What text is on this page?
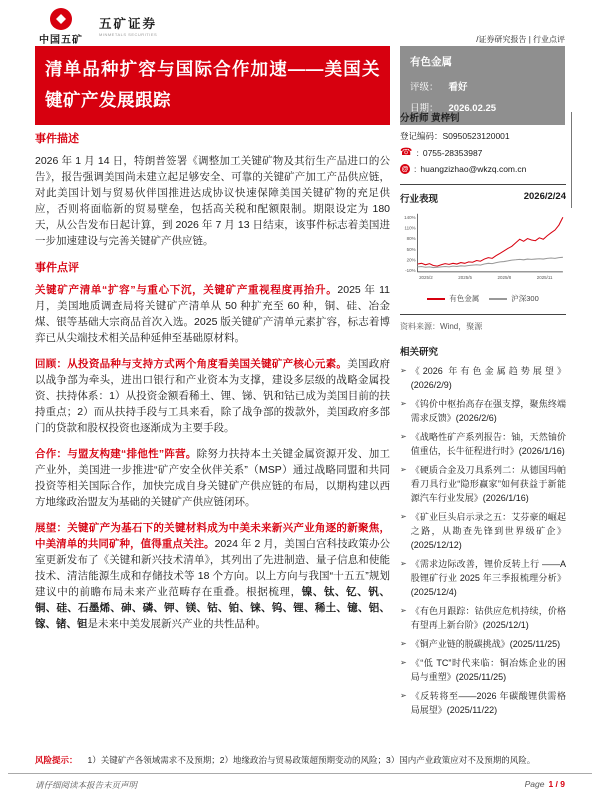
中国五矿
五矿证券
MINMETALS SECURITIES
/证券研究报告 | 行业点评
清单品种扩容与国际合作加速——美国关键矿产发展跟踪
有色金属
评级： 看好
日期： 2026.02.25
事件描述

2026 年 1 月 14 日，特朗普签署《调整加工关键矿物及其衍生产品进口的公告》，报告强调美国尚未建立起足够安全、可靠的关键矿产加工产品供应链，对此美国计划与贸易伙伴国推进达成协议快速保障美国关键矿物的充足供应，否则将面临新的贸易壁垒，包括高关税和配额限制。期限设定为 180 天，从公告发布日起计算，到 2026 年 7 月 13 日结束，该事件标志着美国进一步加速建设与完善关键矿产供应链。

事件点评

关键矿产清单“扩容”与重心下沉，关键矿产重视程度再抬升。2025 年 11 月，美国地质调查局将关键矿产清单从 50 种扩充至 60 种，铜、硅、冶金煤、银等基础大宗商品首次入选。2025 版关键矿产清单元素扩容，标志着博弈已从尖端技术相关品种延伸至基础原材料。

回顾：从投资品种与支持方式两个角度看美国关键矿产核心元素。美国政府以战争部为牵头，进出口银行和产业资本为支撑，建设多层级的战略金属投资、扶持体系：1）从投资金额看稀土、锂、锑、钒和钴已成为美国目前的扶持重点；2）而从扶持手段与工具来看，除了战争部的拨款外，美国政府多部门的贷款和股权投资也逐渐成为主要手段。

合作：与盟友构建“排他性”阵营。除努力扶持本土关键金属资源开发、加工产业外，美国进一步推进“矿产安全伙伴关系”（MSP）通过战略同盟和共同投资等相关国际合作，加快完成自身关键矿产供应链的布局，以期构建以西方地缘政治盟友为基础的关键矿产供应链闭环。

展望：关键矿产为基石下的关键材料成为中美未来新兴产业角逐的新聚焦，中美清单的共同矿种，值得重点关注。2024 年 2 月，美国白宫科技政策办公室更新发布了《关键和新兴技术清单》，其列出了先进制造、量子信息和使能技术、清洁能源生成和存储技术等 18 个方向。以上方向与我国“十五五”规划建议中的前瞻布局未来产业范畴存在重叠。根据梳理，镍、钛、钇、钒、铜、硅、石墨烯、砷、磷、钾、镁、钴、铂、铼、钨、锂、稀土、镱、铝、镓、锗、钽是未来中美发展新兴产业的共性品种。

分析师 黄梓钊
登记编码：S0950523120001
☎ : 0755-28353987
@ : huangzizhao@wkzq.com.cn
行业表现	2026/2/24
140%
110%
80%
50%
20%
-10%
2025/2	2025/5	2025/8	2025/11
有色金属	沪深300
资料来源：Wind，聚源
相关研究
➢ 《2026 年有色金属趋势展望》(2026/2/9)
➢ 《钨价中枢抬高存在强支撑，聚焦终端需求反馈》(2026/2/6)
➢ 《战略性矿产系列报告：铀，天然铀价值重估，长牛征程进行时》(2026/1/16)
➢ 《硬质合金及刀具系列二：从德国玛帕看刀具行业“隐形赢家”如何获益于新能源汽车行业发展》(2026/1/16)
➢ 《矿业巨头启示录之五：艾芬豪的崛起之路，从勘查先锋到世界级矿企》(2025/12/12)
➢ 《需求边际改善，锂价反转上行 ——A 股锂矿行业 2025 年三季报梳理分析》(2025/12/4)
➢ 《有色月跟踪：钴供应危机持续，价格有望再上新台阶》(2025/12/1)
➢ 《铜产业链的脱碳挑战》(2025/11/25)
➢ 《“低 TC”时代来临：铜冶炼企业的困局与重塑》(2025/11/25)
➢ 《反转将至——2026 年碳酸锂供需格局展望》(2025/11/22)
风险提示： 1）关键矿产各领域需求不及预期；2）地缘政治与贸易政策超预期变动的风险；3）国内产业政策应对不及预期的风险。
请仔细阅读本报告末页声明	Page 1 / 9
